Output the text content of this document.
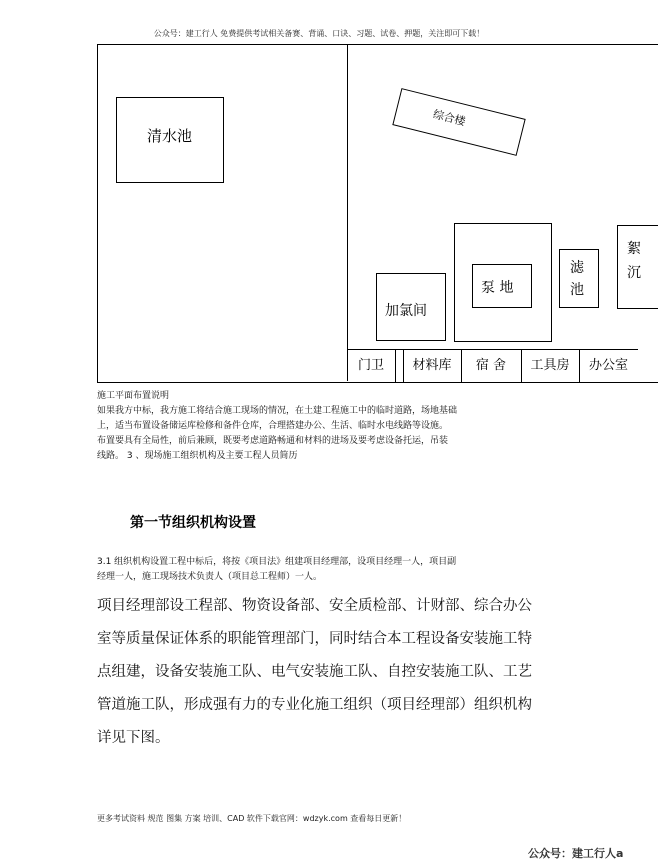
公众号：建工行人 免费提供考试相关备赛、背诵、口诀、习题、试卷、押题，关注即可下载！
清水池
综合楼
泵 地
加氯间
滤
池
絮
沉
门卫	材料库	宿 舍	工具房	办公室
施工平面布置说明
如果我方中标，我方施工将结合施工现场的情况，在土建工程施工中的临时道路，场地基础
上，适当布置设备储运库检修和备件仓库，合理搭建办公、生活、临时水电线路等设施。
布置要具有全局性，前后兼顾，既要考虑道路畅通和材料的进场及要考虑设备托运，吊装
线路。 3 、现场施工组织机构及主要工程人员简历
第一节组织机构设置
3.1 组织机构设置工程中标后，将按《项目法》组建项目经理部，设项目经理一人，项目副
经理一人，施工现场技术负责人（项目总工程师）一人。
项目经理部设工程部、物资设备部、安全质检部、计财部、综合办公
室等质量保证体系的职能管理部门，同时结合本工程设备安装施工特
点组建，设备安装施工队、电气安装施工队、自控安装施工队、工艺
管道施工队，形成强有力的专业化施工组织（项目经理部）组织机构
详见下图。
更多考试资料 规范 图集 方案 培训、CAD 软件下载官网：wdzyk.com 查看每日更新！
公众号：建工行人a
